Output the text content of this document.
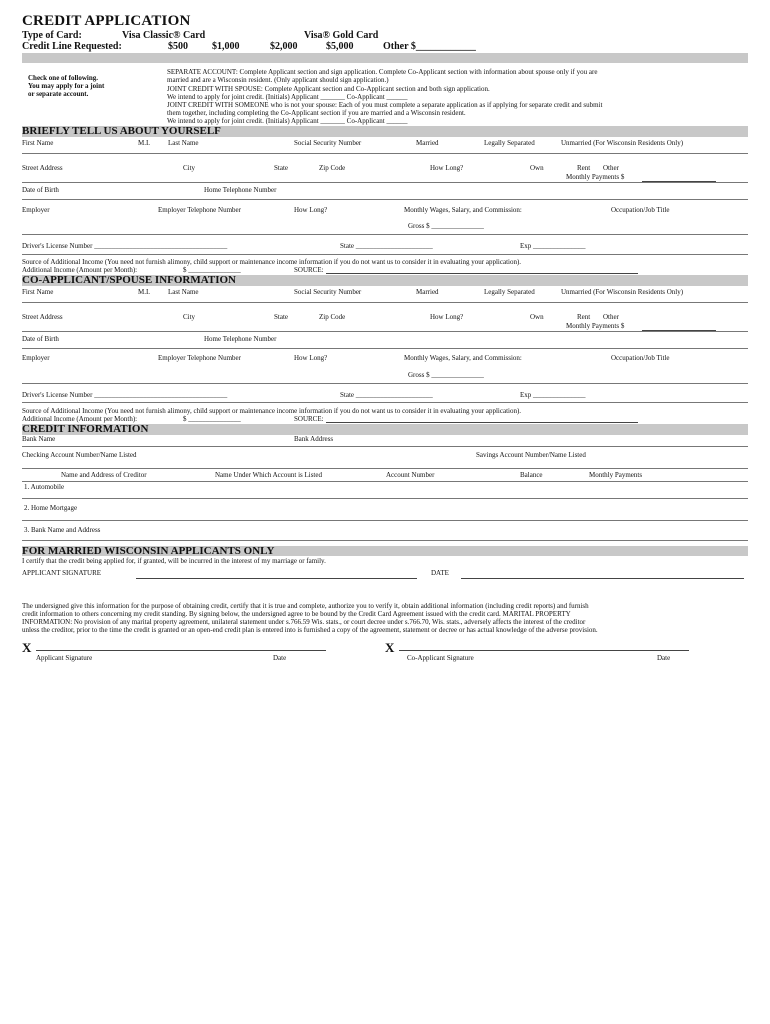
CREDIT APPLICATION
Type of Card:	Visa Classic® Card	Visa® Gold Card
Credit Line Requested:	$500 $1,000	$2,000	$5,000	Other $____________
Check one of following.
You may apply for a joint
or separate account.
SEPARATE ACCOUNT: Complete Applicant section and sign application. Complete Co-Applicant section with information about spouse only if you are
married and are a Wisconsin resident. (Only applicant should sign application.)
JOINT CREDIT WITH SPOUSE: Complete Applicant section and Co-Applicant section and both sign application.
We intend to apply for joint credit. (Initials) Applicant _______ Co-Applicant ______
JOINT CREDIT WITH SOMEONE who is not your spouse: Each of you must complete a separate application as if applying for separate credit and submit
them together, including completing the Co-Applicant section if you are married and a Wisconsin resident.
We intend to apply for joint credit. (Initials) Applicant _______ Co-Applicant ______
BRIEFLY TELL US ABOUT YOURSELF
First Name	M.I.	Last Name	Social Security Number	Married	Legally Separated	Unmarried (For Wisconsin Residents Only)
Street Address	City	State	Zip Code	How Long?	Own	Rent Other
Monthly Payments $
Date of Birth	Home Telephone Number
Employer	Employer Telephone Number	How Long?	Monthly Wages, Salary, and Commission:	Occupation/Job Title
Gross $ _______________
Driver's License Number ______________________________________	State ______________________	Exp _______________
Source of Additional Income (You need not furnish alimony, child support or maintenance income information if you do not want us to consider it in evaluating your application).
Additional Income (Amount per Month):	$ _______________	SOURCE:
CO-APPLICANT/SPOUSE INFORMATION
First Name	M.I.	Last Name	Social Security Number	Married	Legally Separated	Unmarried (For Wisconsin Residents Only)
Street Address	City	State	Zip Code	How Long?	Own	Rent Other
Monthly Payments $
Date of Birth	Home Telephone Number
Employer	Employer Telephone Number	How Long?	Monthly Wages, Salary, and Commission:	Occupation/Job Title
Gross $ _______________
Driver's License Number ______________________________________	State ______________________	Exp _______________
Source of Additional Income (You need not furnish alimony, child support or maintenance income information if you do not want us to consider it in evaluating your application).
Additional Income (Amount per Month):	$ _______________	SOURCE:
CREDIT INFORMATION
Bank Name	Bank Address
Checking Account Number/Name Listed	Savings Account Number/Name Listed
Name and Address of Creditor	Name Under Which Account is Listed	Account Number	Balance	Monthly Payments
1. Automobile
2. Home Mortgage
3. Bank Name and Address
FOR MARRIED WISCONSIN APPLICANTS ONLY
I certify that the credit being applied for, if granted, will be incurred in the interest of my marriage or family.
APPLICANT SIGNATURE	DATE
The undersigned give this information for the purpose of obtaining credit, certify that it is true and complete, authorize you to verify it, obtain additional information (including credit reports) and furnish
credit information to others concerning my credit standing. By signing below, the undersigned agree to be bound by the Credit Card Agreement issued with the credit card. MARITAL PROPERTY
INFORMATION: No provision of any marital property agreement, unilateral statement under s.766.59 Wis. stats., or court decree under s.766.70, Wis. stats., adversely affects the interest of the creditor
unless the creditor, prior to the time the credit is granted or an open-end credit plan is entered into is furnished a copy of the agreement, statement or decree or has actual knowledge of the adverse provision.
X
Applicant Signature	Date
X
Co-Applicant Signature	Date
